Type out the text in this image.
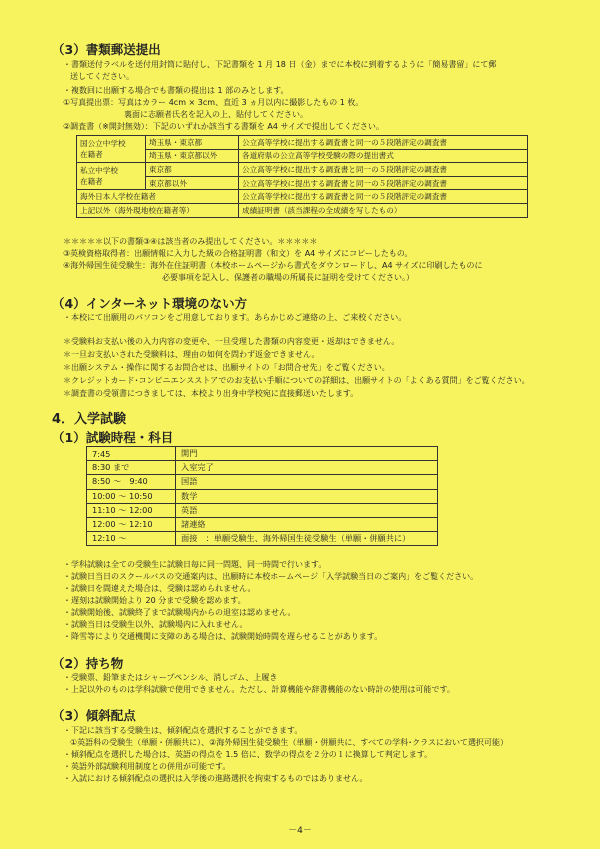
（3）書類郵送提出
・書類送付ラベルを送付用封筒に貼付し、下記書類を 1 月 18 日（金）までに本校に到着するように「簡易書留」にて郵
送してください。
・複数回に出願する場合でも書類の提出は 1 部のみとします。
①写真提出票：写真はカラー 4cm × 3cm、直近 3 ヵ月以内に撮影したもの 1 枚。
裏面に志願者氏名を記入の上、貼付してください。
②調査書（※開封無効）：下記のいずれか該当する書類を A4 サイズで提出してください。
国公立中学校
在籍者	埼玉県・東京都	公立高等学校に提出する調査書と同一の５段階評定の調査書
	埼玉県・東京都以外	各道府県の公立高等学校受験の際の提出書式
私立中学校
在籍者	東京都	公立高等学校に提出する調査書と同一の５段階評定の調査書
	東京都以外	公立高等学校に提出する調査書と同一の５段階評定の調査書
海外日本人学校在籍者		公立高等学校に提出する調査書と同一の５段階評定の調査書
上記以外（海外現地校在籍者等）		成績証明書（該当課程の全成績を写したもの）
＊＊＊＊＊以下の書類③④は該当者のみ提出してください。＊＊＊＊＊
③英検資格取得者：出願情報に入力した級の合格証明書（和文）を A4 サイズにコピーしたもの。
④海外帰国生徒受験生：海外在住証明書（本校ホームページから書式をダウンロードし、A4 サイズに印刷したものに
必要事項を記入し、保護者の職場の所属長に証明を受けてください。）
（4）インターネット環境のない方
・本校にて出願用のパソコンをご用意しております。あらかじめご連絡の上、ご来校ください。
＊受験料お支払い後の入力内容の変更や、一旦受理した書類の内容変更・返却はできません。
＊一旦お支払いされた受験料は、理由の如何を問わず返金できません。
＊出願システム・操作に関するお問合せは、出願サイトの「お問合せ先」をご覧ください。
＊クレジットカード･コンビニエンスストアでのお支払い手順についての詳細は、出願サイトの「よくある質問」をご覧ください。
＊調査書の受領書につきましては、本校より出身中学校宛に直接郵送いたします。
4．入学試験
（1）試験時程・科目
7:45	開門
8:30 まで	入室完了
8:50 ～　9:40	国語
10:00 ～ 10:50	数学
11:10 ～ 12:00	英語
12:00 ～ 12:10	諸連絡
12:10 ～	面接　：単願受験生、海外帰国生徒受験生（単願・併願共に）
・学科試験は全ての受験生に試験日毎に同一問題、同一時間で行います。
・試験日当日のスクールバスの交通案内は、出願時に本校ホームページ「入学試験当日のご案内」をご覧ください。
・試験日を間違えた場合は、受験は認められません。
・遅刻は試験開始より 20 分まで受験を認めます。
・試験開始後、試験終了まで試験場内からの退室は認めません。
・試験当日は受験生以外、試験場内に入れません。
・降雪等により交通機関に支障のある場合は、試験開始時間を遅らせることがあります。
（2）持ち物
・受験票、鉛筆またはシャープペンシル、消しゴム、上履き
・上記以外のものは学科試験で使用できません。ただし、計算機能や辞書機能のない時計の使用は可能です。
（3）傾斜配点
・下記に該当する受験生は、傾斜配点を選択することができます。
①英語科の受験生（単願・併願共に）、②海外帰国生徒受験生（単願・併願共に、すべての学科･クラスにおいて選択可能）
・傾斜配点を選択した場合は、英語の得点を 1.5 倍に、数学の得点を２分の１に換算して判定します。
・英語外部試験利用制度との併用が可能です。
・入試における傾斜配点の選択は入学後の進路選択を拘束するものではありません。
－4－
